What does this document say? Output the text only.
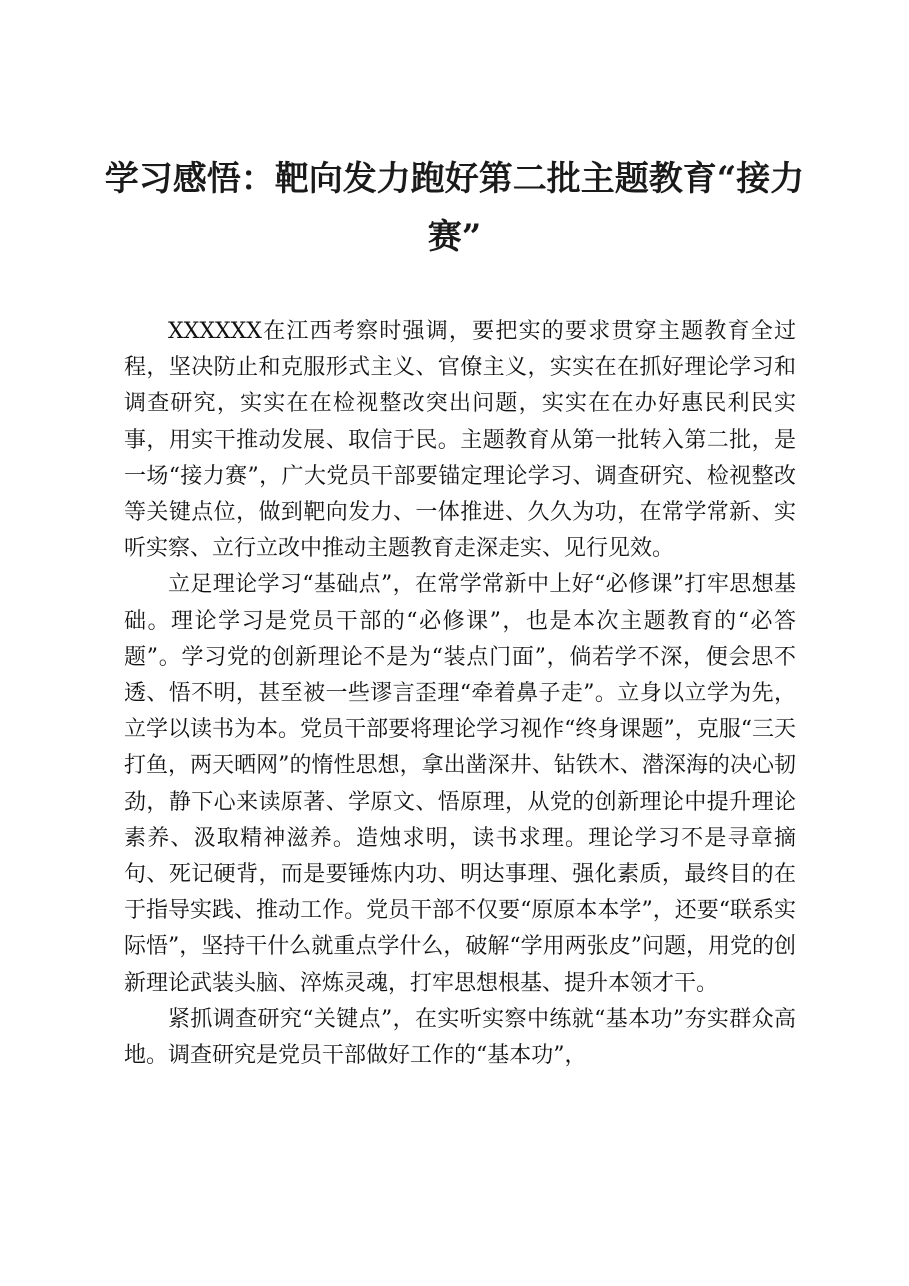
学习感悟：靶向发力跑好第二批主题教育“接力赛”

XXXXXX在江西考察时强调，要把实的要求贯穿主题教育全过程，坚决防止和克服形式主义、官僚主义，实实在在抓好理论学习和调查研究，实实在在检视整改突出问题，实实在在办好惠民利民实事，用实干推动发展、取信于民。主题教育从第一批转入第二批，是一场“接力赛”，广大党员干部要锚定理论学习、调查研究、检视整改等关键点位，做到靶向发力、一体推进、久久为功，在常学常新、实听实察、立行立改中推动主题教育走深走实、见行见效。

立足理论学习“基础点”，在常学常新中上好“必修课”打牢思想基础。理论学习是党员干部的“必修课”，也是本次主题教育的“必答题”。学习党的创新理论不是为“装点门面”，倘若学不深，便会思不透、悟不明，甚至被一些谬言歪理“牵着鼻子走”。立身以立学为先，立学以读书为本。党员干部要将理论学习视作“终身课题”，克服“三天打鱼，两天晒网”的惰性思想，拿出凿深井、钻铁木、潜深海的决心韧劲，静下心来读原著、学原文、悟原理，从党的创新理论中提升理论素养、汲取精神滋养。造烛求明，读书求理。理论学习不是寻章摘句、死记硬背，而是要锤炼内功、明达事理、强化素质，最终目的在于指导实践、推动工作。党员干部不仅要“原原本本学”，还要“联系实际悟”，坚持干什么就重点学什么，破解“学用两张皮”问题，用党的创新理论武装头脑、淬炼灵魂，打牢思想根基、提升本领才干。

紧抓调查研究“关键点”，在实听实察中练就“基本功”夯实群众高地。调查研究是党员干部做好工作的“基本功”，
